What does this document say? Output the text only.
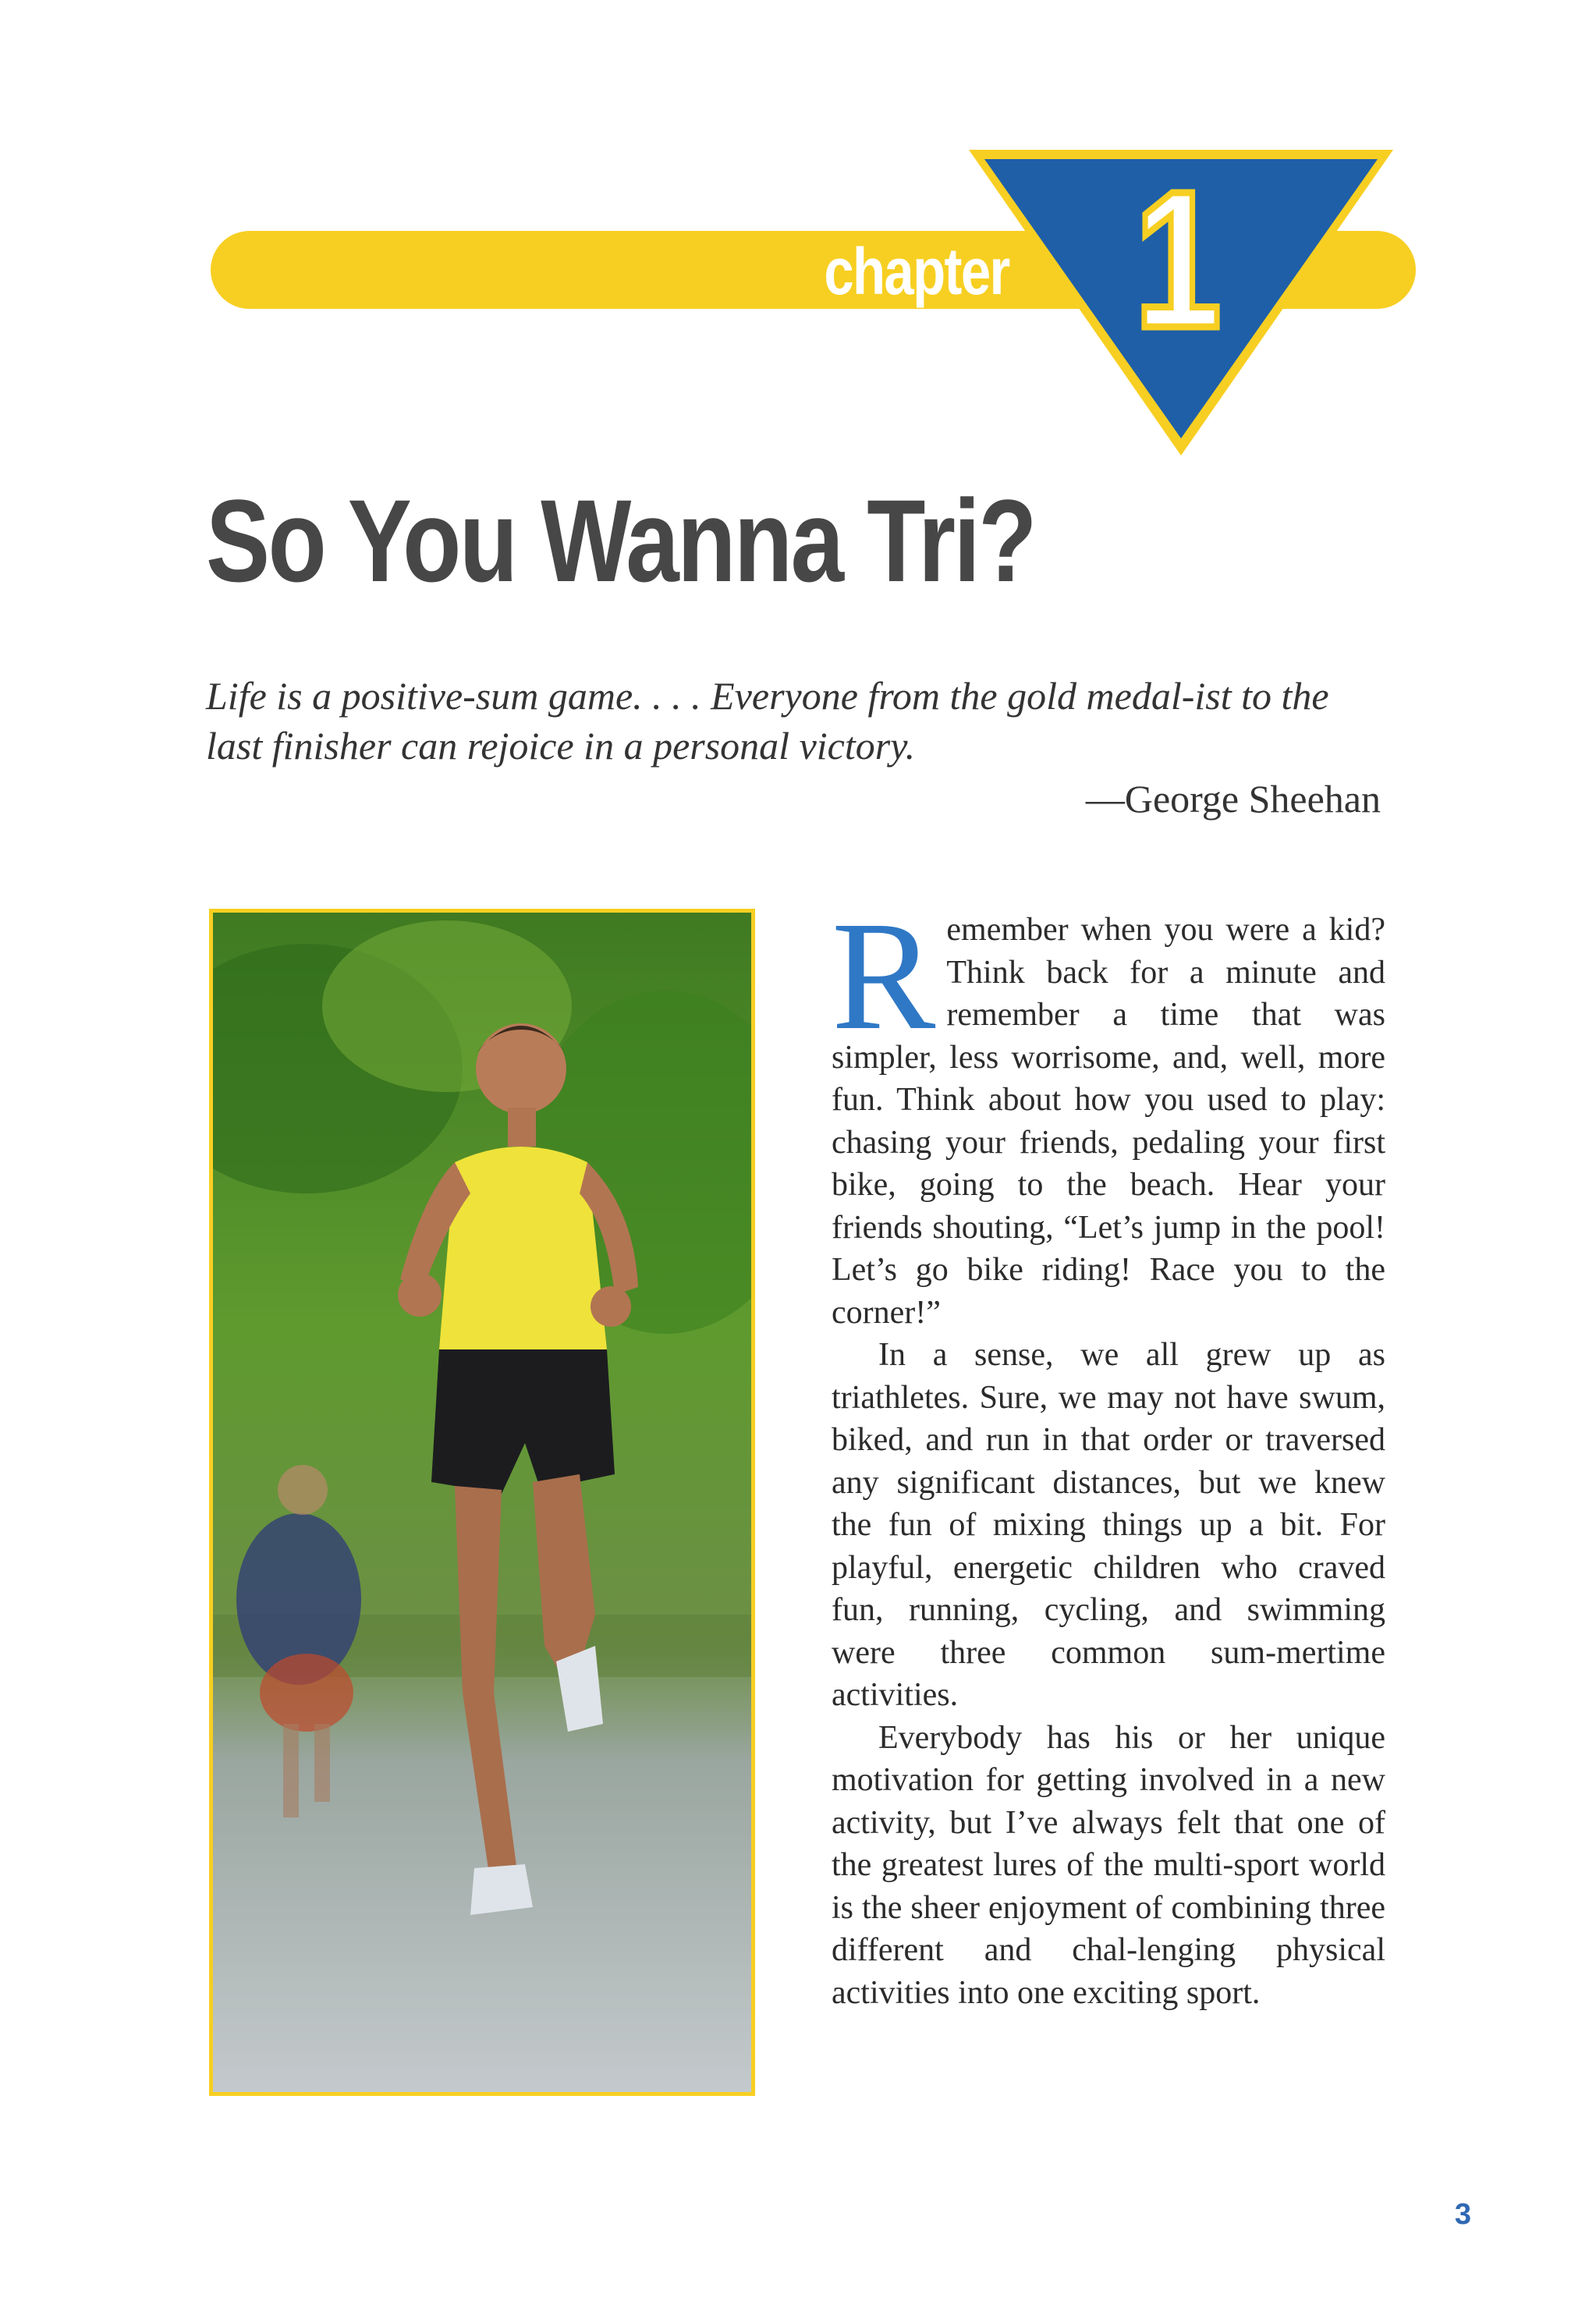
chapter 1
So You Wanna Tri?

Life is a positive-sum game. . . . Everyone from the gold medal-ist to the last finisher can rejoice in a personal victory.

—George Sheehan

Remember when you were a kid? Think back for a minute and remember a time that was simpler, less worrisome, and, well, more fun. Think about how you used to play: chasing your friends, pedaling your first bike, going to the beach. Hear your friends shouting, “Let’s jump in the pool! Let’s go bike riding! Race you to the corner!”

In a sense, we all grew up as triathletes. Sure, we may not have swum, biked, and run in that order or traversed any significant distances, but we knew the fun of mixing things up a bit. For playful, energetic children who craved fun, running, cycling, and swimming were three common sum-mertime activities.

Everybody has his or her unique motivation for getting involved in a new activity, but I’ve always felt that one of the greatest lures of the multi-sport world is the sheer enjoyment of combining three different and chal-lenging physical activities into one exciting sport.

3
